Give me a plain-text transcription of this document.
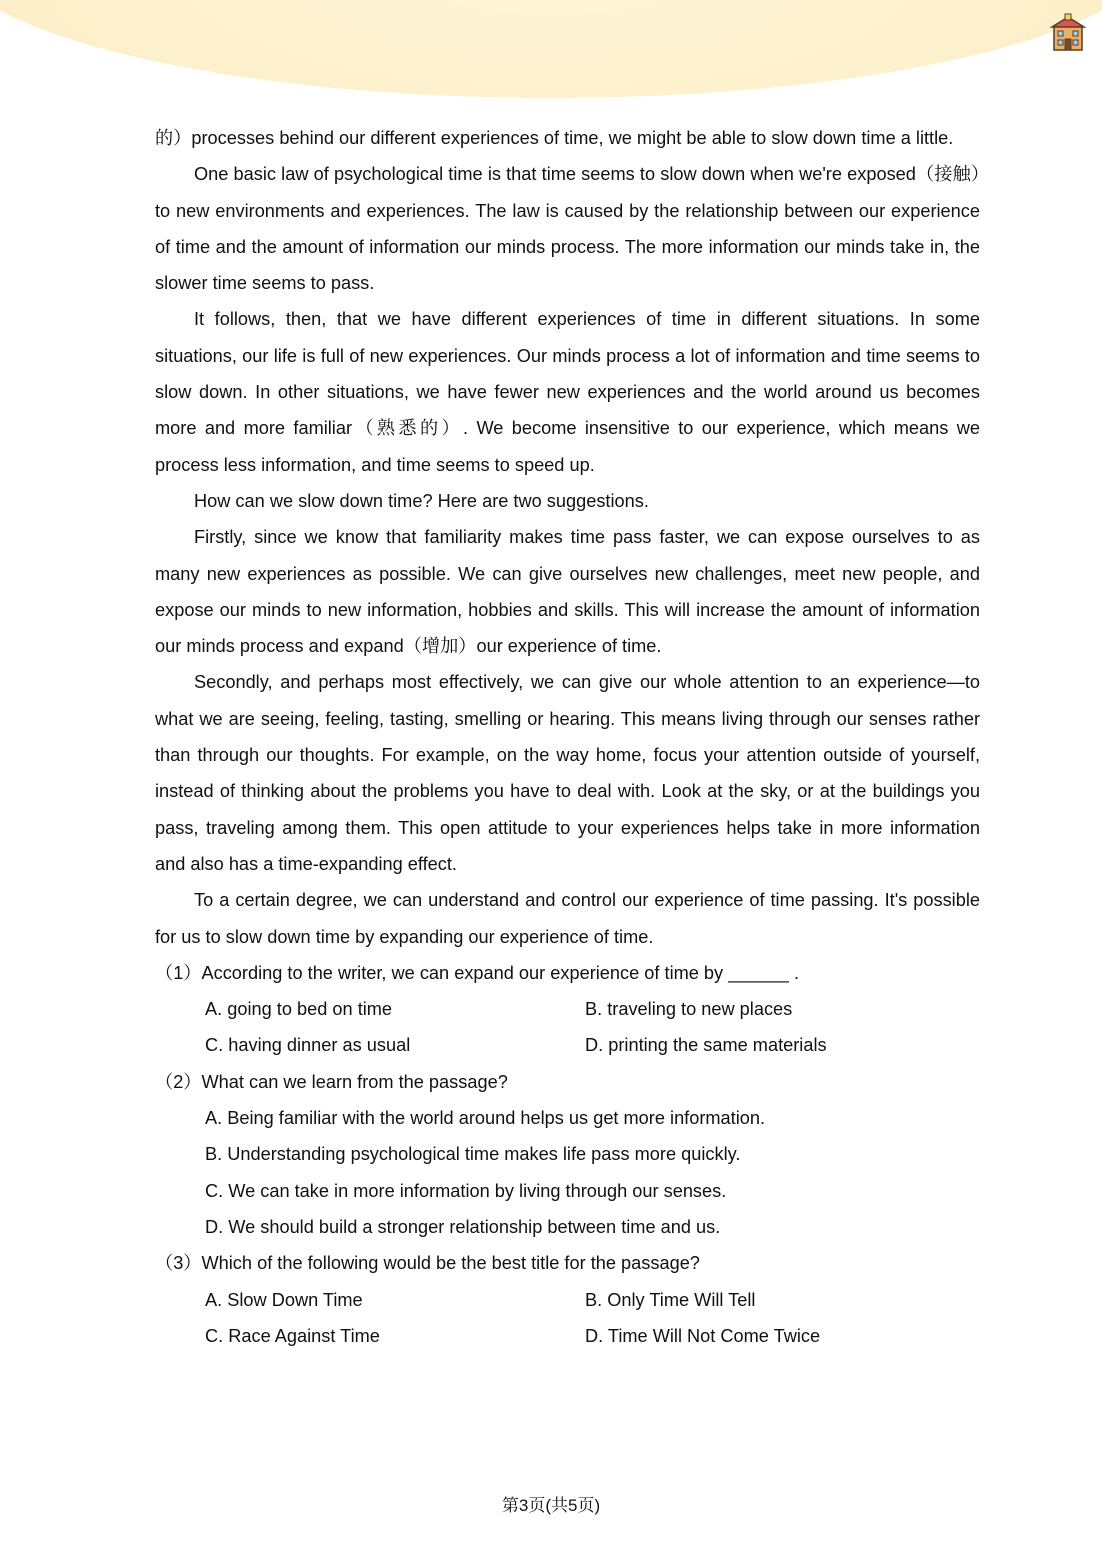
的）processes behind our different experiences of time, we might be able to slow down time a little.

One basic law of psychological time is that time seems to slow down when we're exposed（接触）to new environments and experiences. The law is caused by the relationship between our experience of time and the amount of information our minds process. The more information our minds take in, the slower time seems to pass.

It follows, then, that we have different experiences of time in different situations. In some situations, our life is full of new experiences. Our minds process a lot of information and time seems to slow down. In other situations, we have fewer new experiences and the world around us becomes more and more familiar（熟悉的）. We become insensitive to our experience, which means we process less information, and time seems to speed up.

How can we slow down time? Here are two suggestions.

Firstly, since we know that familiarity makes time pass faster, we can expose ourselves to as many new experiences as possible. We can give ourselves new challenges, meet new people, and expose our minds to new information, hobbies and skills. This will increase the amount of information our minds process and expand（增加）our experience of time.

Secondly, and perhaps most effectively, we can give our whole attention to an experience—to what we are seeing, feeling, tasting, smelling or hearing. This means living through our senses rather than through our thoughts. For example, on the way home, focus your attention outside of yourself, instead of thinking about the problems you have to deal with. Look at the sky, or at the buildings you pass, traveling among them. This open attitude to your experiences helps take in more information and also has a time-expanding effect.

To a certain degree, we can understand and control our experience of time passing. It's possible for us to slow down time by expanding our experience of time.

（1）According to the writer, we can expand our experience of time by ______ .
A. going to bed on time	B. traveling to new places
C. having dinner as usual	D. printing the same materials
（2）What can we learn from the passage?
A. Being familiar with the world around helps us get more information.
B. Understanding psychological time makes life pass more quickly.
C. We can take in more information by living through our senses.
D. We should build a stronger relationship between time and us.
（3）Which of the following would be the best title for the passage?
A. Slow Down Time	B. Only Time Will Tell
C. Race Against Time	D. Time Will Not Come Twice
第3页(共5页)
